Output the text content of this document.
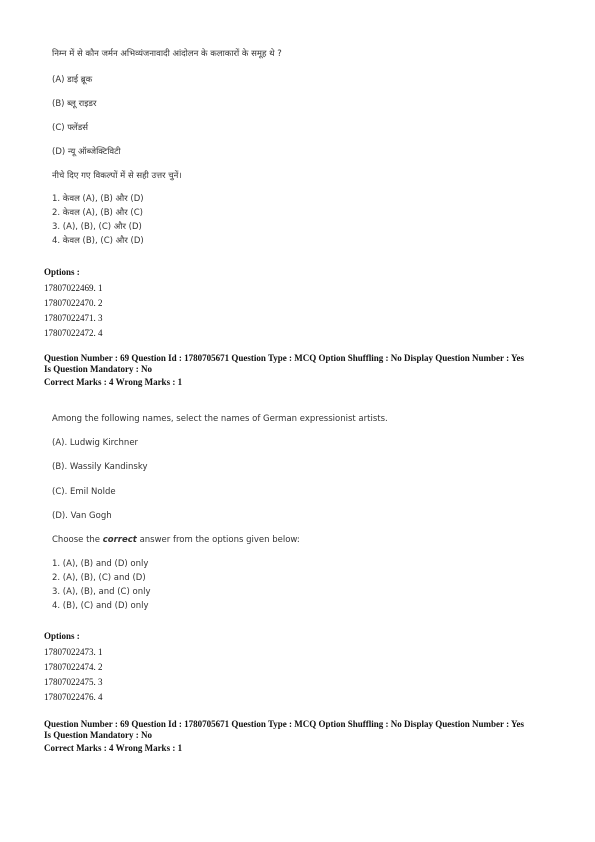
निम्न में से कौन जर्मन अभिव्यंजनावादी आंदोलन के कलाकारों के समूह थे ?
(A) डाई ब्रूक
(B) ब्लू राइडर
(C) फ्लेंडर्स
(D) न्यू ऑब्जेक्टिविटी
नीचे दिए गए विकल्पों में से सही उत्तर चुनें।
1. केवल (A), (B) और (D)
2. केवल (A), (B) और (C)
3. (A), (B), (C) और (D)
4. केवल (B), (C) और (D)
Options :
17807022469. 1
17807022470. 2
17807022471. 3
17807022472. 4
Question Number : 69 Question Id : 1780705671 Question Type : MCQ Option Shuffling : No Display Question Number : Yes
Is Question Mandatory : No
Correct Marks : 4 Wrong Marks : 1
Among the following names, select the names of German expressionist artists.
(A). Ludwig Kirchner
(B). Wassily Kandinsky
(C). Emil Nolde
(D). Van Gogh
Choose the correct answer from the options given below:
1. (A), (B) and (D) only
2. (A), (B), (C) and (D)
3. (A), (B), and (C) only
4. (B), (C) and (D) only
Options :
17807022473. 1
17807022474. 2
17807022475. 3
17807022476. 4
Question Number : 69 Question Id : 1780705671 Question Type : MCQ Option Shuffling : No Display Question Number : Yes
Is Question Mandatory : No
Correct Marks : 4 Wrong Marks : 1
